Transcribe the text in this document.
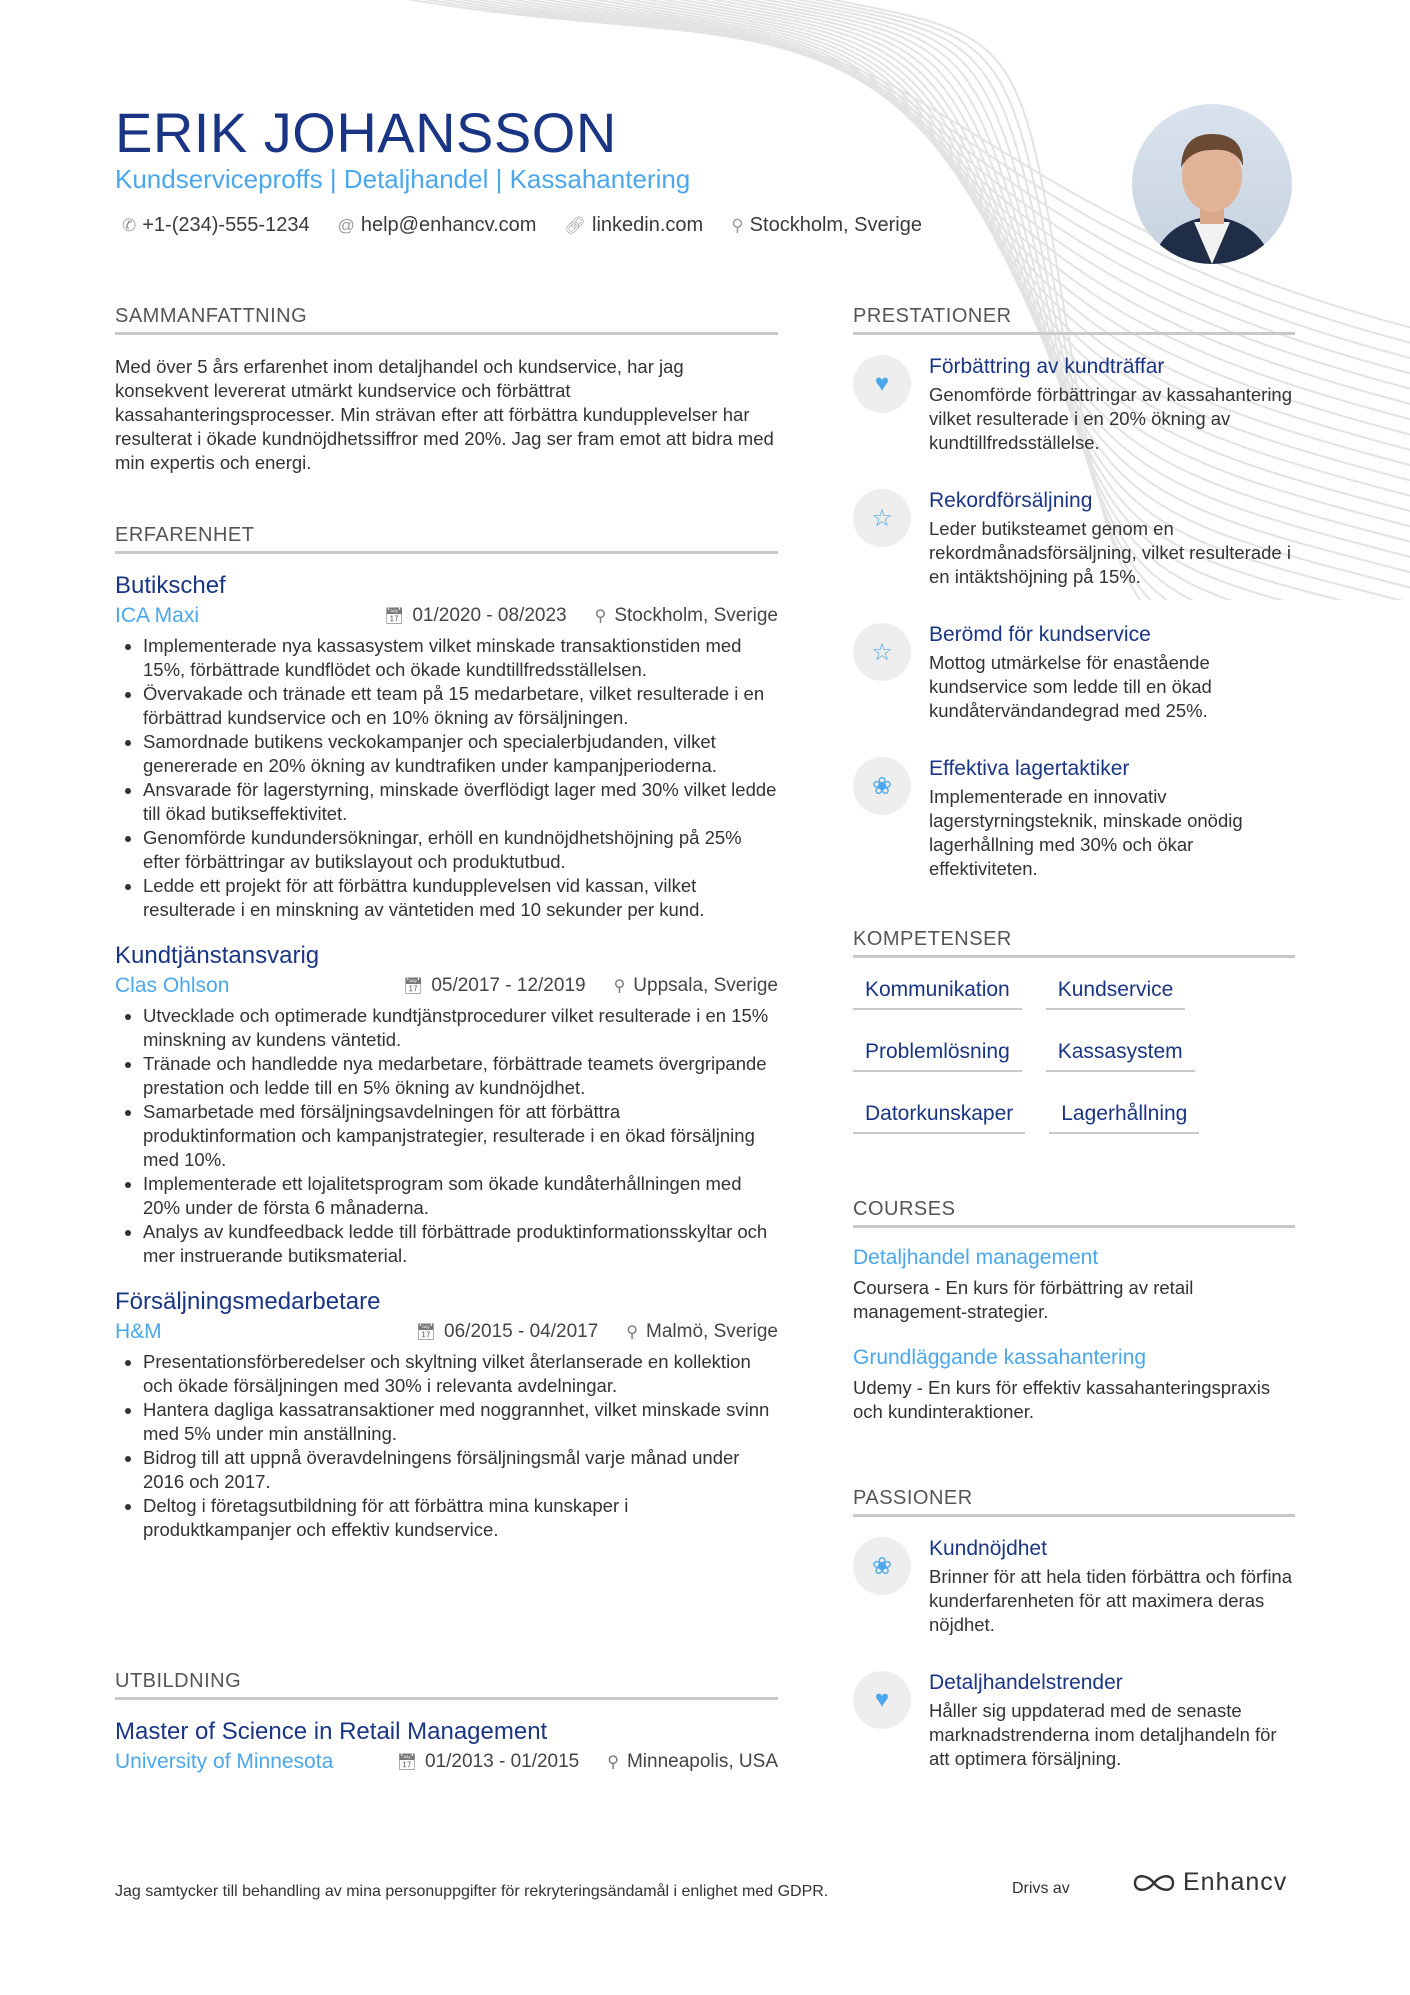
ERIK JOHANSSON
Kundserviceproffs | Detaljhandel | Kassahantering
✆ +1-(234)-555-1234 @ help@enhancv.com 🔗︎ linkedin.com ⚲ Stockholm, Sverige
SAMMANFATTNING
Med över 5 års erfarenhet inom detaljhandel och kundservice, har jag konsekvent levererat utmärkt kundservice och förbättrat kassahanteringsprocesser. Min strävan efter att förbättra kundupplevelser har resulterat i ökade kundnöjdhetssiffror med 20%. Jag ser fram emot att bidra med min expertis och energi.
ERFARENHET
Butikschef
ICA Maxi	📅︎ 01/2020 - 08/2023 ⚲ Stockholm, Sverige
• Implementerade nya kassasystem vilket minskade transaktionstiden med 15%, förbättrade kundflödet och ökade kundtillfredsställelsen.
• Övervakade och tränade ett team på 15 medarbetare, vilket resulterade i en förbättrad kundservice och en 10% ökning av försäljningen.
• Samordnade butikens veckokampanjer och specialerbjudanden, vilket genererade en 20% ökning av kundtrafiken under kampanjperioderna.
• Ansvarade för lagerstyrning, minskade överflödigt lager med 30% vilket ledde till ökad butikseffektivitet.
• Genomförde kundundersökningar, erhöll en kundnöjdhetshöjning på 25% efter förbättringar av butikslayout och produktutbud.
• Ledde ett projekt för att förbättra kundupplevelsen vid kassan, vilket resulterade i en minskning av väntetiden med 10 sekunder per kund.
Kundtjänstansvarig
Clas Ohlson	📅︎ 05/2017 - 12/2019 ⚲ Uppsala, Sverige
• Utvecklade och optimerade kundtjänstprocedurer vilket resulterade i en 15% minskning av kundens väntetid.
• Tränade och handledde nya medarbetare, förbättrade teamets övergripande prestation och ledde till en 5% ökning av kundnöjdhet.
• Samarbetade med försäljningsavdelningen för att förbättra produktinformation och kampanjstrategier, resulterade i en ökad försäljning med 10%.
• Implementerade ett lojalitetsprogram som ökade kundåterhållningen med 20% under de första 6 månaderna.
• Analys av kundfeedback ledde till förbättrade produktinformationsskyltar och mer instruerande butiksmaterial.
Försäljningsmedarbetare
H&M	📅︎ 06/2015 - 04/2017 ⚲ Malmö, Sverige
• Presentationsförberedelser och skyltning vilket återlanserade en kollektion och ökade försäljningen med 30% i relevanta avdelningar.
• Hantera dagliga kassatransaktioner med noggrannhet, vilket minskade svinn med 5% under min anställning.
• Bidrog till att uppnå överavdelningens försäljningsmål varje månad under 2016 och 2017.
• Deltog i företagsutbildning för att förbättra mina kunskaper i produktkampanjer och effektiv kundservice.
UTBILDNING
Master of Science in Retail Management
University of Minnesota	📅︎ 01/2013 - 01/2015 ⚲ Minneapolis, USA
PRESTATIONER
♥
Förbättring av kundträffar
Genomförde förbättringar av kassahantering vilket resulterade i en 20% ökning av kundtillfredsställelse.
☆
Rekordförsäljning
Leder butiksteamet genom en rekordmånadsförsäljning, vilket resulterade i en intäktshöjning på 15%.
☆
Berömd för kundservice
Mottog utmärkelse för enastående kundservice som ledde till en ökad kundåtervändandegrad med 25%.
❀
Effektiva lagertaktiker
Implementerade en innovativ lagerstyrningsteknik, minskade onödig lagerhållning med 30% och ökar effektiviteten.
KOMPETENSER
Kommunikation	Kundservice
Problemlösning	Kassasystem
Datorkunskaper	Lagerhållning
COURSES
Detaljhandel management
Coursera - En kurs för förbättring av retail management-strategier.
Grundläggande kassahantering
Udemy - En kurs för effektiv kassahanteringspraxis och kundinteraktioner.
PASSIONER
❀
Kundnöjdhet
Brinner för att hela tiden förbättra och förfina kunderfarenheten för att maximera deras nöjdhet.
♥
Detaljhandelstrender
Håller sig uppdaterad med de senaste marknadstrenderna inom detaljhandeln för att optimera försäljning.
Jag samtycker till behandling av mina personuppgifter för rekryteringsändamål i enlighet med GDPR.	Drivs av	Enhancv
